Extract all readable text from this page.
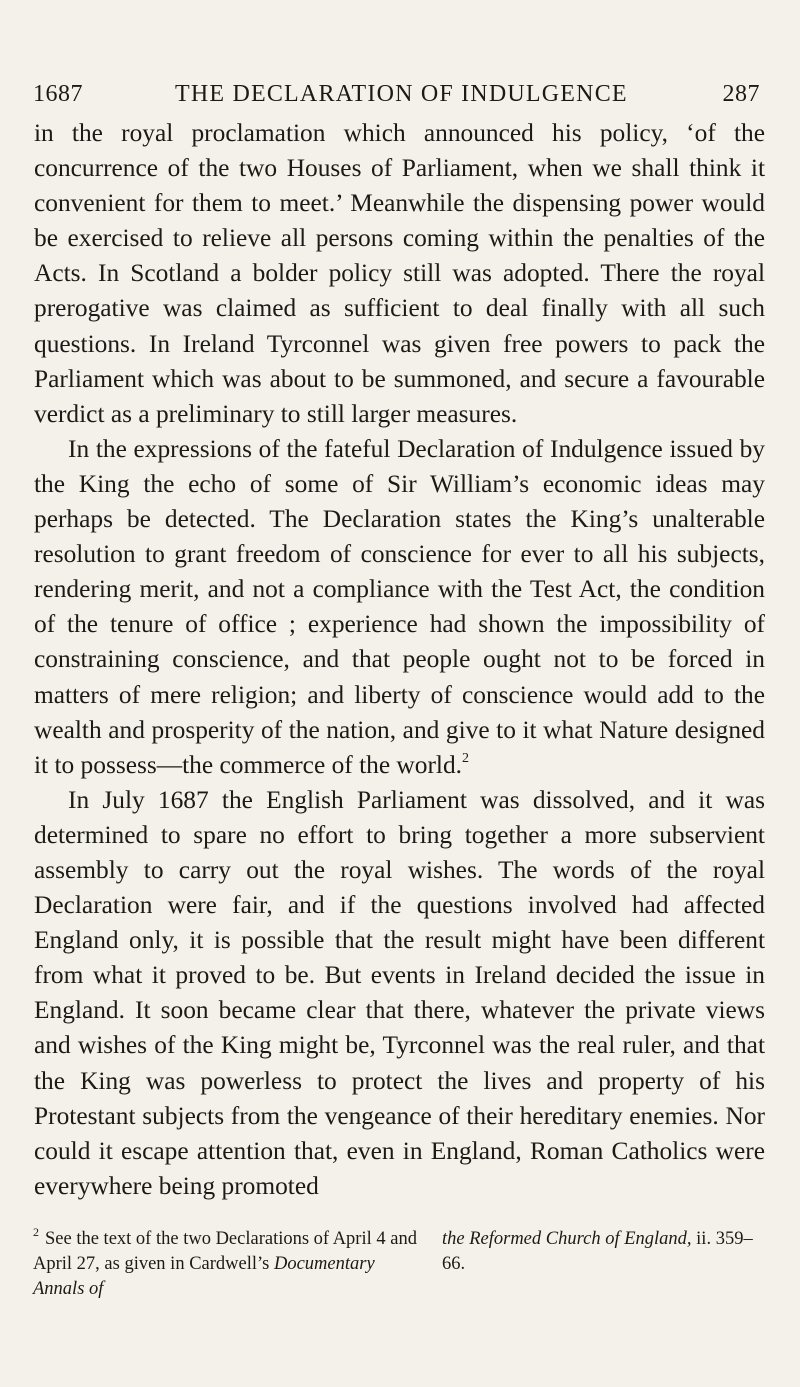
1687	THE DECLARATION OF INDULGENCE	287

in the royal proclamation which announced his policy, ‘of the concurrence of the two Houses of Parliament, when we shall think it convenient for them to meet.’ Meanwhile the dispensing power would be exercised to relieve all persons coming within the penalties of the Acts. In Scotland a bolder policy still was adopted. There the royal prerogative was claimed as sufficient to deal finally with all such questions. In Ireland Tyrconnel was given free powers to pack the Parliament which was about to be summoned, and secure a favourable verdict as a preliminary to still larger measures.

In the expressions of the fateful Declaration of Indulgence issued by the King the echo of some of Sir William’s economic ideas may perhaps be detected. The Declaration states the King’s unalterable resolution to grant freedom of conscience for ever to all his subjects, rendering merit, and not a compliance with the Test Act, the condition of the tenure of office ; experience had shown the impossibility of constraining conscience, and that people ought not to be forced in matters of mere religion; and liberty of conscience would add to the wealth and prosperity of the nation, and give to it what Nature designed it to possess—the commerce of the world.$^2$

In July 1687 the English Parliament was dissolved, and it was determined to spare no effort to bring together a more subservient assembly to carry out the royal wishes. The words of the royal Declaration were fair, and if the questions involved had affected England only, it is possible that the result might have been different from what it proved to be. But events in Ireland decided the issue in England. It soon became clear that there, whatever the private views and wishes of the King might be, Tyrconnel was the real ruler, and that the King was powerless to protect the lives and property of his Protestant subjects from the vengeance of their hereditary enemies. Nor could it escape attention that, even in England, Roman Catholics were everywhere being promoted

$^2$ See the text of the two Declarations of April 4 and April 27, as given in Cardwell’s Documentary Annals of
the Reformed Church of England, ii. 359–66.
